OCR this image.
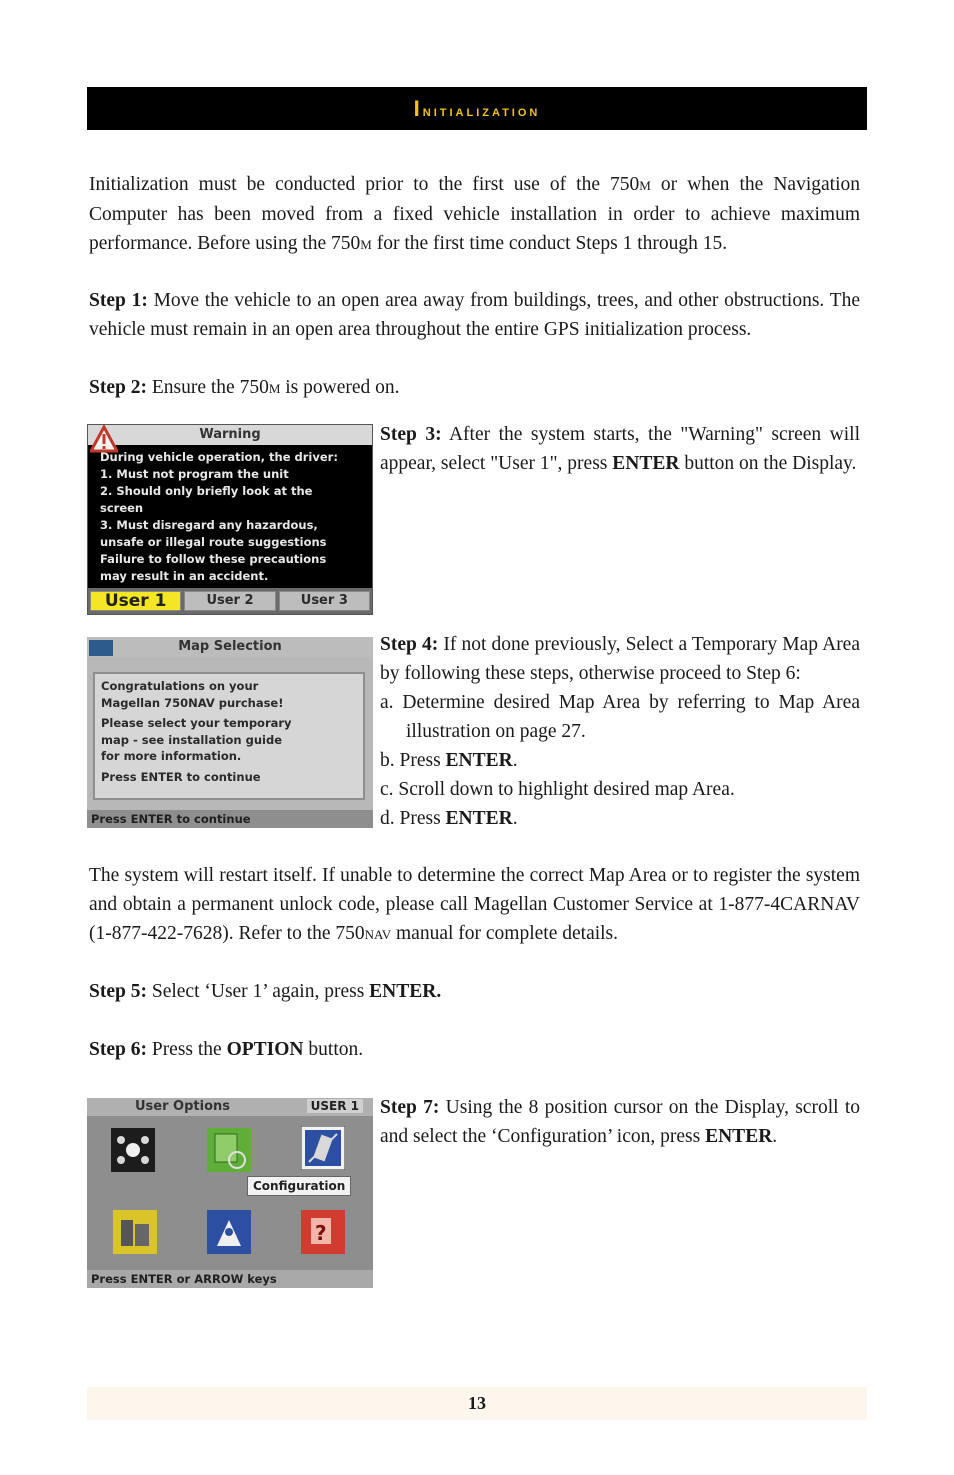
Initialization

Initialization must be conducted prior to the first use of the 750M or when the Navigation Computer has been moved from a fixed vehicle installation in order to achieve maximum performance. Before using the 750M for the first time conduct Steps 1 through 15.

Step 1: Move the vehicle to an open area away from buildings, trees, and other obstructions. The vehicle must remain in an open area throughout the entire GPS initialization process.

Step 2: Ensure the 750M is powered on.

Warning
During vehicle operation, the driver:
1. Must not program the unit
2. Should only briefly look at the
screen
3. Must disregard any hazardous,
unsafe or illegal route suggestions
Failure to follow these precautions
may result in an accident.
User 1	User 2	User 3

Step 3: After the system starts, the "Warning" screen will appear, select "User 1", press ENTER button on the Display.

Map Selection
Congratulations on your
Magellan 750NAV purchase!
Please select your temporary
map - see installation guide
for more information.
Press ENTER to continue
Press ENTER to continue

Step 4: If not done previously, Select a Temporary Map Area by following these steps, otherwise proceed to Step 6:

a. Determine desired Map Area by referring to Map Area illustration on page 27.

b. Press ENTER.

c. Scroll down to highlight desired map Area.

d. Press ENTER.

The system will restart itself. If unable to determine the correct Map Area or to register the system and obtain a permanent unlock code, please call Magellan Customer Service at 1-877-4CARNAV (1-877-422-7628). Refer to the 750NAV manual for complete details.

Step 5: Select ‘User 1’ again, press ENTER.

Step 6: Press the OPTION button.

User Options	USER 1
Configuration
?
Press ENTER or ARROW keys

Step 7: Using the 8 position cursor on the Display, scroll to and select the ‘Configuration’ icon, press ENTER.

13
